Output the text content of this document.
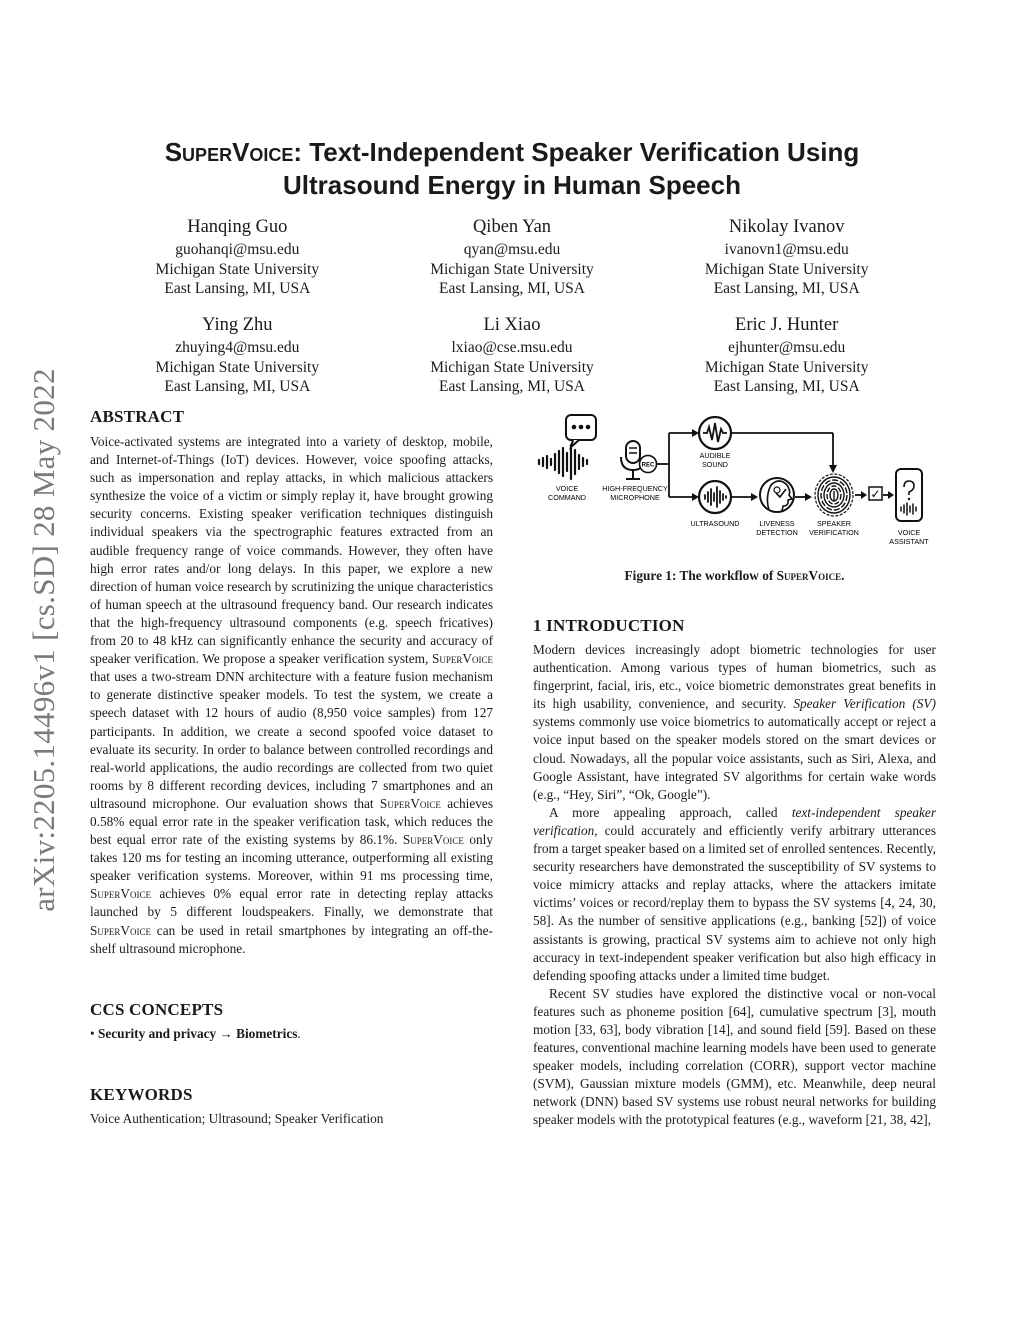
arXiv:2205.14496v1 [cs.SD] 28 May 2022
SuperVoice: Text-Independent Speaker Verification Using
Ultrasound Energy in Human Speech
Hanqing Guo
guohanqi@msu.edu
Michigan State University
East Lansing, MI, USA
Qiben Yan
qyan@msu.edu
Michigan State University
East Lansing, MI, USA
Nikolay Ivanov
ivanovn1@msu.edu
Michigan State University
East Lansing, MI, USA
Ying Zhu
zhuying4@msu.edu
Michigan State University
East Lansing, MI, USA
Li Xiao
lxiao@cse.msu.edu
Michigan State University
East Lansing, MI, USA
Eric J. Hunter
ejhunter@msu.edu
Michigan State University
East Lansing, MI, USA
ABSTRACT

Voice-activated systems are integrated into a variety of desktop, mobile, and Internet-of-Things (IoT) devices. However, voice spoofing attacks, such as impersonation and replay attacks, in which malicious attackers synthesize the voice of a victim or simply replay it, have brought growing security concerns. Existing speaker verification techniques distinguish individual speakers via the spectrographic features extracted from an audible frequency range of voice commands. However, they often have high error rates and/or long delays. In this paper, we explore a new direction of human voice research by scrutinizing the unique characteristics of human speech at the ultrasound frequency band. Our research indicates that the high-frequency ultrasound components (e.g. speech fricatives) from 20 to 48 kHz can significantly enhance the security and accuracy of speaker verification. We propose a speaker verification system, SuperVoice that uses a two-stream DNN architecture with a feature fusion mechanism to generate distinctive speaker models. To test the system, we create a speech dataset with 12 hours of audio (8,950 voice samples) from 127 participants. In addition, we create a second spoofed voice dataset to evaluate its security. In order to balance between controlled recordings and real-world applications, the audio recordings are collected from two quiet rooms by 8 different recording devices, including 7 smartphones and an ultrasound microphone. Our evaluation shows that SuperVoice achieves 0.58% equal error rate in the speaker verification task, which reduces the best equal error rate of the existing systems by 86.1%. SuperVoice only takes 120 ms for testing an incoming utterance, outperforming all existing speaker verification systems. Moreover, within 91 ms processing time, SuperVoice achieves 0% equal error rate in detecting replay attacks launched by 5 different loudspeakers. Finally, we demonstrate that SuperVoice can be used in retail smartphones by integrating an off-the-shelf ultrasound microphone.

CCS CONCEPTS

• Security and privacy → Biometrics.

KEYWORDS

Voice Authentication; Ultrasound; Speaker Verification

VOICE
COMMAND
REC
HIGH-FREQUENCY
MICROPHONE
AUDIBLE
SOUND
ULTRASOUND	LIVENESS
DETECTION
SPEAKER
VERIFICATION
✓
VOICE
ASSISTANT
Figure 1: The workflow of SuperVoice.
1 INTRODUCTION

Modern devices increasingly adopt biometric technologies for user authentication. Among various types of human biometrics, such as fingerprint, facial, iris, etc., voice biometric demonstrates great benefits in its high usability, convenience, and security. Speaker Verification (SV) systems commonly use voice biometrics to automatically accept or reject a voice input based on the speaker models stored on the smart devices or cloud. Nowadays, all the popular voice assistants, such as Siri, Alexa, and Google Assistant, have integrated SV algorithms for certain wake words (e.g., “Hey, Siri”, “Ok, Google”).

A more appealing approach, called text-independent speaker verification, could accurately and efficiently verify arbitrary utterances from a target speaker based on a limited set of enrolled sentences. Recently, security researchers have demonstrated the susceptibility of SV systems to voice mimicry attacks and replay attacks, where the attackers imitate victims’ voices or record/replay them to bypass the SV systems [4, 24, 30, 58]. As the number of sensitive applications (e.g., banking [52]) of voice assistants is growing, practical SV systems aim to achieve not only high accuracy in text-independent speaker verification but also high efficacy in defending spoofing attacks under a limited time budget.

Recent SV studies have explored the distinctive vocal or non-vocal features such as phoneme position [64], cumulative spectrum [3], mouth motion [33, 63], body vibration [14], and sound field [59]. Based on these features, conventional machine learning models have been used to generate speaker models, including correlation (CORR), support vector machine (SVM), Gaussian mixture models (GMM), etc. Meanwhile, deep neural network (DNN) based SV systems use robust neural networks for building speaker models with the prototypical features (e.g., waveform [21, 38, 42],
